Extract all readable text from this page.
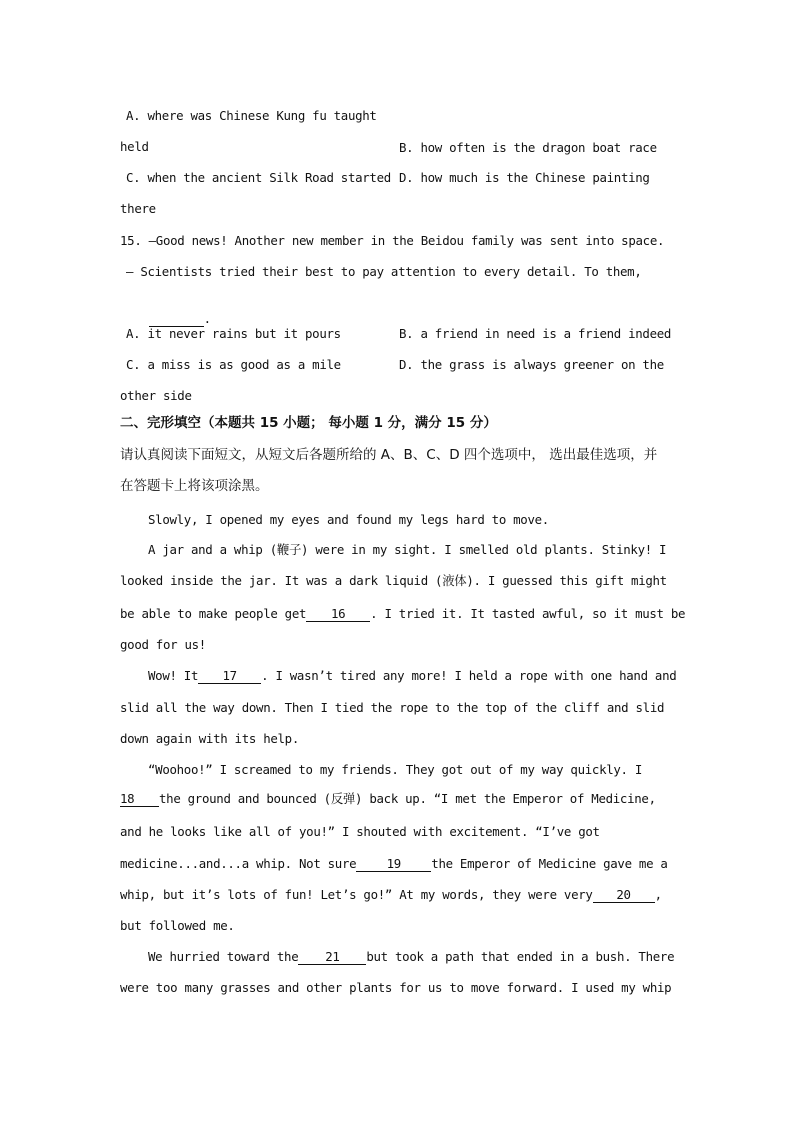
A. where was Chinese Kung fu taught

B. how often is the dragon boat race

held
C. when the ancient Silk Road started D. how much is the Chinese painting
there
15. —Good news! Another new member in the Beidou family was sent into space.
— Scientists tried their best to pay attention to every detail. To them,

.

A. it never rains but it pours	B. a friend in need is a friend indeed
C. a miss is as good as a mile	D. the grass is always greener on the
other side
二、完形填空（本题共 15 小题； 每小题 1 分，满分 15 分）
请认真阅读下面短文，从短文后各题所给的 A、B、C、D 四个选项中， 选出最佳选项，并
在答题卡上将该项涂黑。
Slowly, I opened my eyes and found my legs hard to move.
A jar and a whip (鞭子) were in my sight. I smelled old plants. Stinky! I
looked inside the jar. It was a dark liquid (液体). I guessed this gift might
be able to make people get 16 . I tried it. It tasted awful, so it must be
good for us!
Wow! It 17 . I wasn’t tired any more! I held a rope with one hand and
slid all the way down. Then I tied the rope to the top of the cliff and slid
down again with its help.
“Woohoo!” I screamed to my friends. They got out of my way quickly. I
18 the ground and bounced (反弹) back up. “I met the Emperor of Medicine,
and he looks like all of you!” I shouted with excitement. “I’ve got
medicine...and...a whip. Not sure 19 the Emperor of Medicine gave me a
whip, but it’s lots of fun! Let’s go!” At my words, they were very 20 ,
but followed me.
We hurried toward the 21 but took a path that ended in a bush. There
were too many grasses and other plants for us to move forward. I used my whip
